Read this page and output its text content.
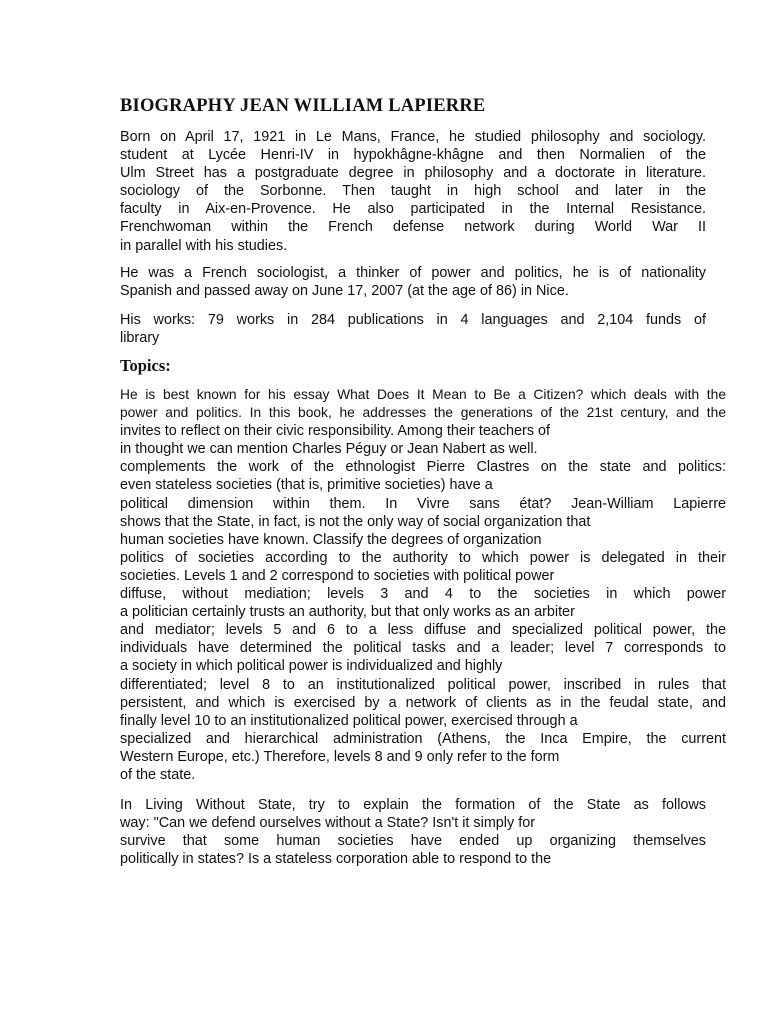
BIOGRAPHY JEAN WILLIAM LAPIERRE
Born on April 17, 1921 in Le Mans, France, he studied philosophy and sociology.
student at Lycée Henri-IV in hypokhâgne-khâgne and then Normalien of the
Ulm Street has a postgraduate degree in philosophy and a doctorate in literature.
sociology of the Sorbonne. Then taught in high school and later in the
faculty in Aix-en-Provence. He also participated in the Internal Resistance.
Frenchwoman within the French defense network during World War II
in parallel with his studies.
He was a French sociologist, a thinker of power and politics, he is of nationality
Spanish and passed away on June 17, 2007 (at the age of 86) in Nice.
His works: 79 works in 284 publications in 4 languages and 2,104 funds of
library
Topics:
He is best known for his essay What Does It Mean to Be a Citizen? which deals with the
power and politics. In this book, he addresses the generations of the 21st century, and the
invites to reflect on their civic responsibility. Among their teachers of
in thought we can mention Charles Péguy or Jean Nabert as well.
complements the work of the ethnologist Pierre Clastres on the state and politics:
even stateless societies (that is, primitive societies) have a
political dimension within them. In Vivre sans état? Jean-William Lapierre
shows that the State, in fact, is not the only way of social organization that
human societies have known. Classify the degrees of organization
politics of societies according to the authority to which power is delegated in their
societies. Levels 1 and 2 correspond to societies with political power
diffuse, without mediation; levels 3 and 4 to the societies in which power
a politician certainly trusts an authority, but that only works as an arbiter
and mediator; levels 5 and 6 to a less diffuse and specialized political power, the
individuals have determined the political tasks and a leader; level 7 corresponds to
a society in which political power is individualized and highly
differentiated; level 8 to an institutionalized political power, inscribed in rules that
persistent, and which is exercised by a network of clients as in the feudal state, and
finally level 10 to an institutionalized political power, exercised through a
specialized and hierarchical administration (Athens, the Inca Empire, the current
Western Europe, etc.) Therefore, levels 8 and 9 only refer to the form
of the state.
In Living Without State, try to explain the formation of the State as follows
way: "Can we defend ourselves without a State? Isn't it simply for
survive that some human societies have ended up organizing themselves
politically in states? Is a stateless corporation able to respond to the
